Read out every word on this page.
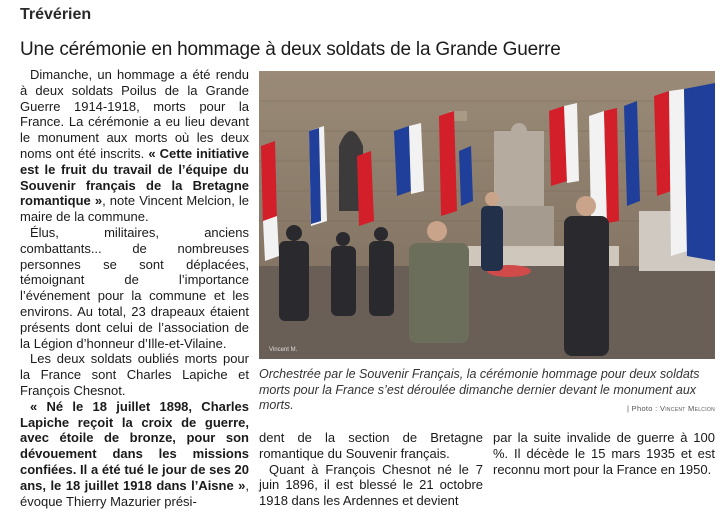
Trévérien
Une cérémonie en hommage à deux soldats de la Grande Guerre

Dimanche, un hommage a été rendu à deux soldats Poilus de la Grande Guerre 1914-1918, morts pour la France. La cérémonie a eu lieu devant le monument aux morts où les deux noms ont été inscrits. « Cette initiative est le fruit du travail de l’équipe du Souvenir français de la Bretagne romantique », note Vincent Melcion, le maire de la commune.

Élus, militaires, anciens combattants... de nombreuses personnes se sont déplacées, témoignant de l’importance l’événement pour la commune et les environs. Au total, 23 drapeaux étaient présents dont celui de l’association de la Légion d’honneur d’Ille-et-Vilaine.

Les deux soldats oubliés morts pour la France sont Charles Lapiche et François Chesnot.

« Né le 18 juillet 1898, Charles Lapiche reçoit la croix de guerre, avec étoile de bronze, pour son dévouement dans les missions confiées. Il a été tué le jour de ses 20 ans, le 18 juillet 1918 dans l’Aisne », évoque Thierry Mazurier prési-

Vincent M.
Orchestrée par le Souvenir Français, la cérémonie hommage pour deux soldats morts pour la France s’est déroulée dimanche dernier devant le monument aux morts.	| Photo : Vincent Melcion

dent de la section de Bretagne romantique du Souvenir français.

Quant à François Chesnot né le 7 juin 1896, il est blessé le 21 octobre 1918 dans les Ardennes et devient

par la suite invalide de guerre à 100 %. Il décède le 15 mars 1935 et est reconnu mort pour la France en 1950.
